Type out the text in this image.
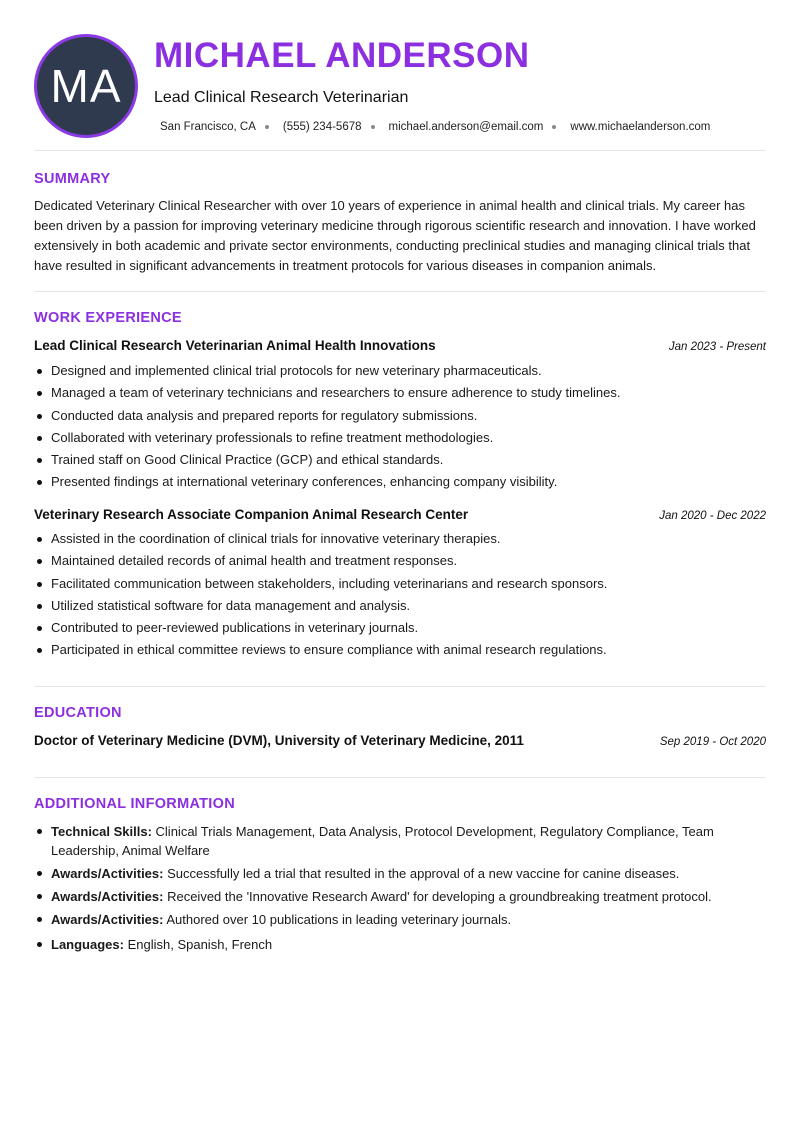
MA
MICHAEL ANDERSON
Lead Clinical Research Veterinarian
San Francisco, CA (555) 234-5678 michael.anderson@email.com www.michaelanderson.com
SUMMARY
Dedicated Veterinary Clinical Researcher with over 10 years of experience in animal health and clinical trials. My career has been driven by a passion for improving veterinary medicine through rigorous scientific research and innovation. I have worked extensively in both academic and private sector environments, conducting preclinical studies and managing clinical trials that have resulted in significant advancements in treatment protocols for various diseases in companion animals.
WORK EXPERIENCE
Lead Clinical Research Veterinarian Animal Health Innovations	Jan 2023 - Present
Designed and implemented clinical trial protocols for new veterinary pharmaceuticals.
Managed a team of veterinary technicians and researchers to ensure adherence to study timelines.
Conducted data analysis and prepared reports for regulatory submissions.
Collaborated with veterinary professionals to refine treatment methodologies.
Trained staff on Good Clinical Practice (GCP) and ethical standards.
Presented findings at international veterinary conferences, enhancing company visibility.
Veterinary Research Associate Companion Animal Research Center	Jan 2020 - Dec 2022
Assisted in the coordination of clinical trials for innovative veterinary therapies.
Maintained detailed records of animal health and treatment responses.
Facilitated communication between stakeholders, including veterinarians and research sponsors.
Utilized statistical software for data management and analysis.
Contributed to peer-reviewed publications in veterinary journals.
Participated in ethical committee reviews to ensure compliance with animal research regulations.
EDUCATION
Doctor of Veterinary Medicine (DVM), University of Veterinary Medicine, 2011	Sep 2019 - Oct 2020
ADDITIONAL INFORMATION
Technical Skills: Clinical Trials Management, Data Analysis, Protocol Development, Regulatory Compliance, Team Leadership, Animal Welfare
Awards/Activities: Successfully led a trial that resulted in the approval of a new vaccine for canine diseases.
Awards/Activities: Received the 'Innovative Research Award' for developing a groundbreaking treatment protocol.
Awards/Activities: Authored over 10 publications in leading veterinary journals.
Languages: English, Spanish, French
